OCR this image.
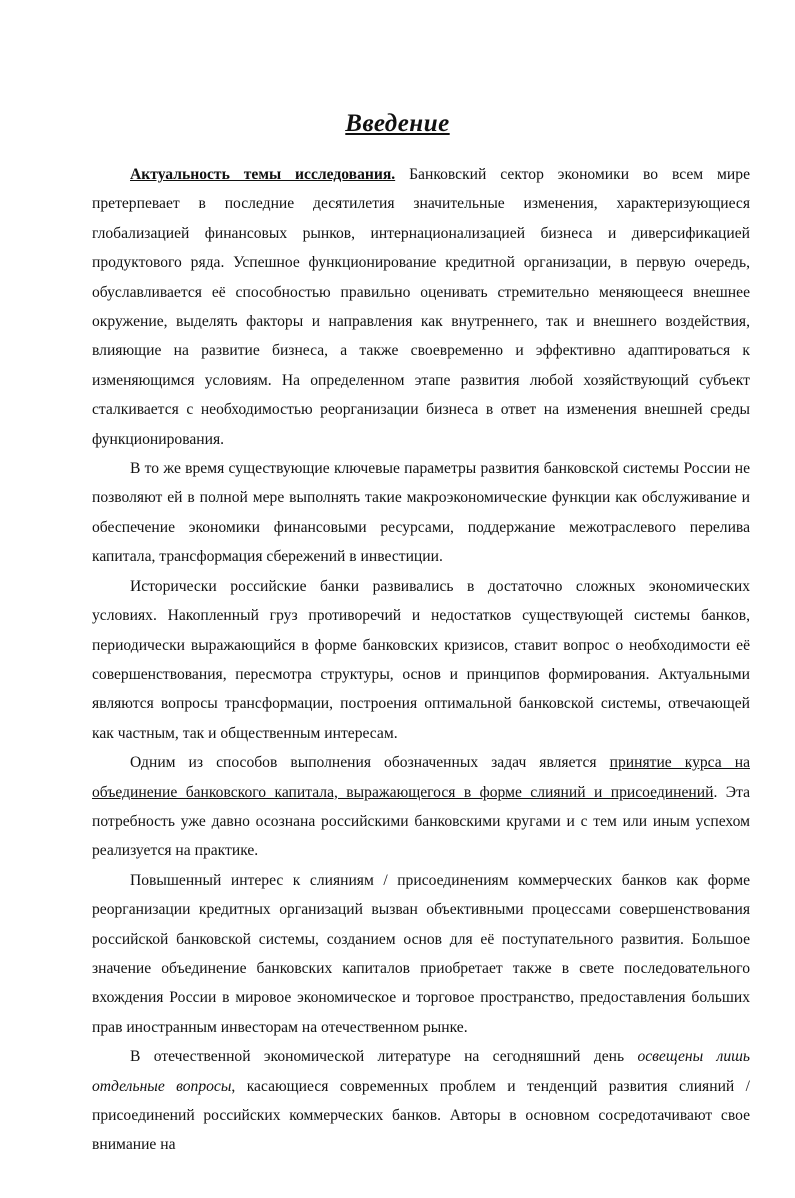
Введение

Актуальность темы исследования. Банковский сектор экономики во всем мире претерпевает в последние десятилетия значительные изменения, характеризующиеся глобализацией финансовых рынков, интернационализацией бизнеса и диверсификацией продуктового ряда. Успешное функционирование кредитной организации, в первую очередь, обуславливается её способностью правильно оценивать стремительно меняющееся внешнее окружение, выделять факторы и направления как внутреннего, так и внешнего воздействия, влияющие на развитие бизнеса, а также своевременно и эффективно адаптироваться к изменяющимся условиям. На определенном этапе развития любой хозяйствующий субъект сталкивается с необходимостью реорганизации бизнеса в ответ на изменения внешней среды функционирования.

В то же время существующие ключевые параметры развития банковской системы России не позволяют ей в полной мере выполнять такие макроэкономические функции как обслуживание и обеспечение экономики финансовыми ресурсами, поддержание межотраслевого перелива капитала, трансформация сбережений в инвестиции.

Исторически российские банки развивались в достаточно сложных экономических условиях. Накопленный груз противоречий и недостатков существующей системы банков, периодически выражающийся в форме банковских кризисов, ставит вопрос о необходимости её совершенствования, пересмотра структуры, основ и принципов формирования. Актуальными являются вопросы трансформации, построения оптимальной банковской системы, отвечающей как частным, так и общественным интересам.

Одним из способов выполнения обозначенных задач является принятие курса на объединение банковского капитала, выражающегося в форме слияний и присоединений. Эта потребность уже давно осознана российскими банковскими кругами и с тем или иным успехом реализуется на практике.

Повышенный интерес к слияниям / присоединениям коммерческих банков как форме реорганизации кредитных организаций вызван объективными процессами совершенствования российской банковской системы, созданием основ для её поступательного развития. Большое значение объединение банковских капиталов приобретает также в свете последовательного вхождения России в мировое экономическое и торговое пространство, предоставления больших прав иностранным инвесторам на отечественном рынке.

В отечественной экономической литературе на сегодняшний день освещены лишь отдельные вопросы, касающиеся современных проблем и тенденций развития слияний / присоединений российских коммерческих банков. Авторы в основном сосредотачивают свое внимание на
